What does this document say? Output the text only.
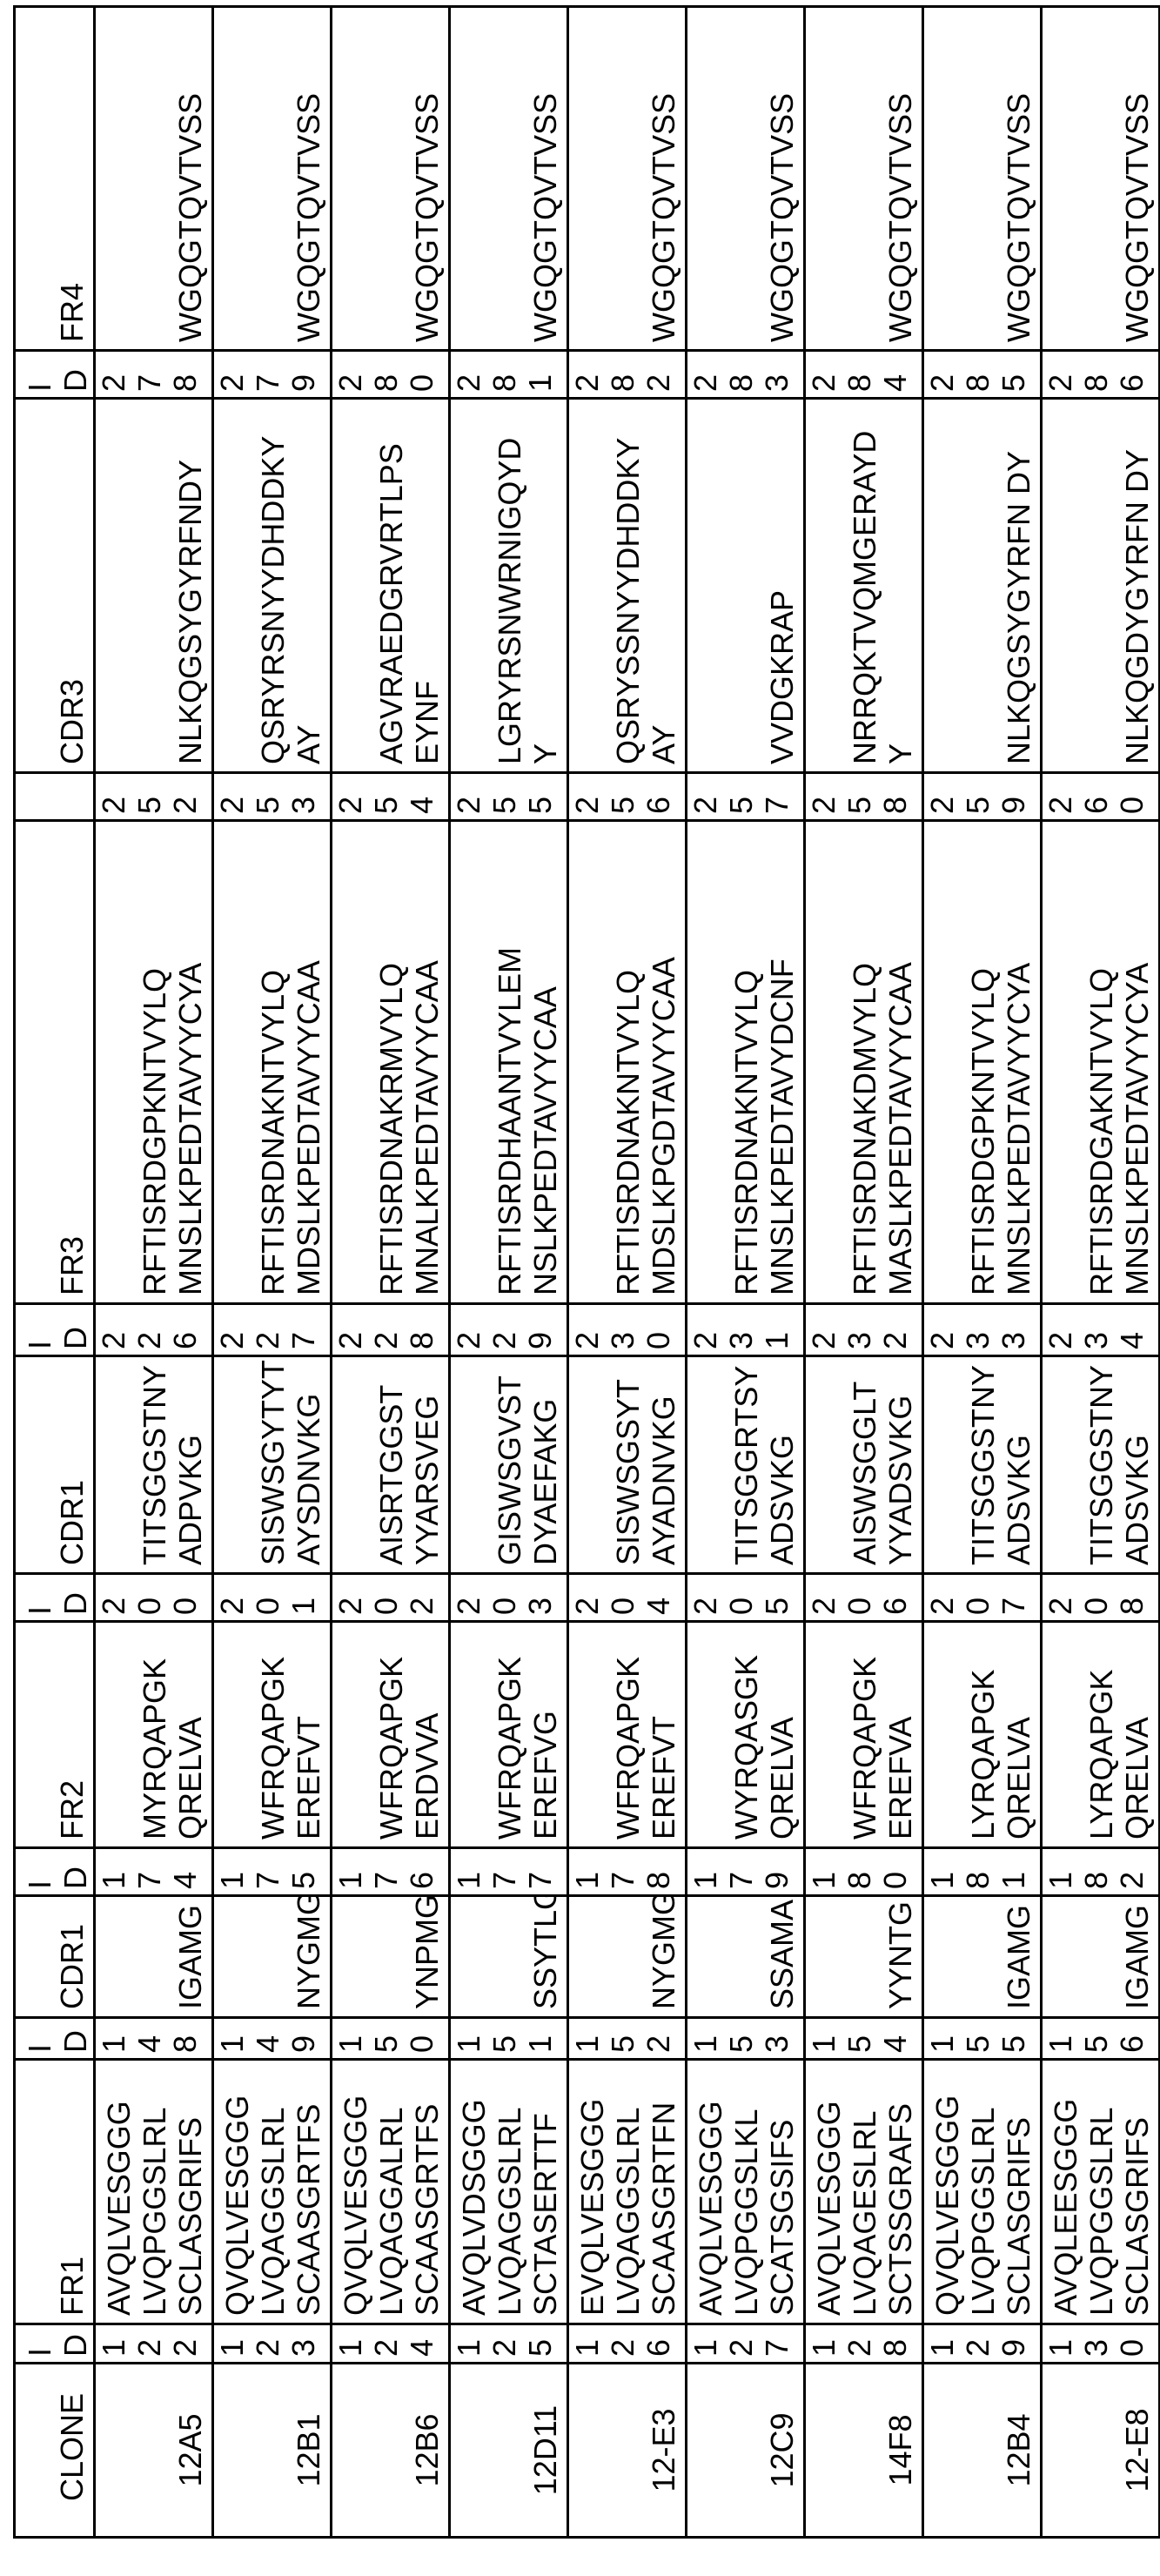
CLONE	
ID
	FR1	
ID
	CDR1	
ID
	FR2	
ID
	CDR1	
ID
	FR3	
	CDR3	
ID
	FR4
12A5	
122

AVQLVESGGG LVQPGGSLRL SCLASGRIFS

148

IGAMG

174

MYRQAPGK QRELVA

200

TITSGGSTNY ADPVKG

226

RFTISRDGPKNTVYLQ MNSLKPEDTAVYYCYA

252

NLKQGSYGYRFNDY

278

WGQGTQVTVSS

12B1	
123

QVQLVESGGG LVQAGGSLRL SCAASGRTFS

149

NYGMG

175

WFRQAPGK EREFVT

201

SISWSGYTYT AYSDNVKG

227

RFTISRDNAKNTVYLQ MDSLKPEDTAVYYCAA

253

QSRYRSNYYDHDDKY AY

279

WGQGTQVTVSS

12B6	
124

QVQLVESGGG LVQAGGALRL SCAASGRTFS

150

YNPMG

176

WFRQAPGK ERDVVA

202

AISRTGGST YYARSVEG

228

RFTISRDNAKRMVYLQ MNALKPEDTAVYYCAA

254

AGVRAEDGRVRTLPS EYNF

280

WGQGTQVTVSS

12D11	
125

AVQLVDSGGG LVQAGGSLRL SCTASERTTF

151

SSYTLG

177

WFRQAPGK EREFVG

203

GISWSGVST DYAEFAKG

229

RFTISRDHAANTVYLEM NSLKPEDTAVYYCAA

255

LGRYRSNWRNIGQYD Y

281

WGQGTQVTVSS

12-E3	
126

EVQLVESGGG LVQAGGSLRL SCAASGRTFN

152

NYGMG

178

WFRQAPGK EREFVT

204

SISWSGSYT AYADNVKG

230

RFTISRDNAKNTVYLQ MDSLKPGDTAVYYCAA

256

QSRYSSNYYDHDDKY AY

282

WGQGTQVTVSS

12C9	
127

AVQLVESGGG LVQPGGSLKL SCATSGSIFS

153

SSAMA

179

WYRQASGK QRELVA

205

TITSGGRTSY ADSVKG

231

RFTISRDNAKNTVYLQ MNSLKPEDTAVYDCNF

257

VVDGKRAP

283

WGQGTQVTVSS

14F8	
128

AVQLVESGGG LVQAGESLRL SCTSSGRAFS

154

YYNTG

180

WFRQAPGK EREFVA

206

AISWSGGLT YYADSVKG

232

RFTISRDNAKDMVYLQ MASLKPEDTAVYYCAA

258

NRRQKTVQMGERAYD Y

284

WGQGTQVTVSS

12B4	
129

QVQLVESGGG LVQPGGSLRL SCLASGRIFS

155

IGAMG

181

LYRQAPGK QRELVA

207

TITSGGSTNY ADSVKG

233

RFTISRDGPKNTVYLQ MNSLKPEDTAVYYCYA

259

NLKQGSYGYRFN DY

285

WGQGTQVTVSS

12-E8	
130

AVQLEESGGG LVQPGGSLRL SCLASGRIFS

156

IGAMG

182

LYRQAPGK QRELVA

208

TITSGGSTNY ADSVKG

234

RFTISRDGAKNTVYLQ MNSLKPEDTAVYYCYA

260

NLKQGDYGYRFN DY

286

WGQGTQVTVSS
